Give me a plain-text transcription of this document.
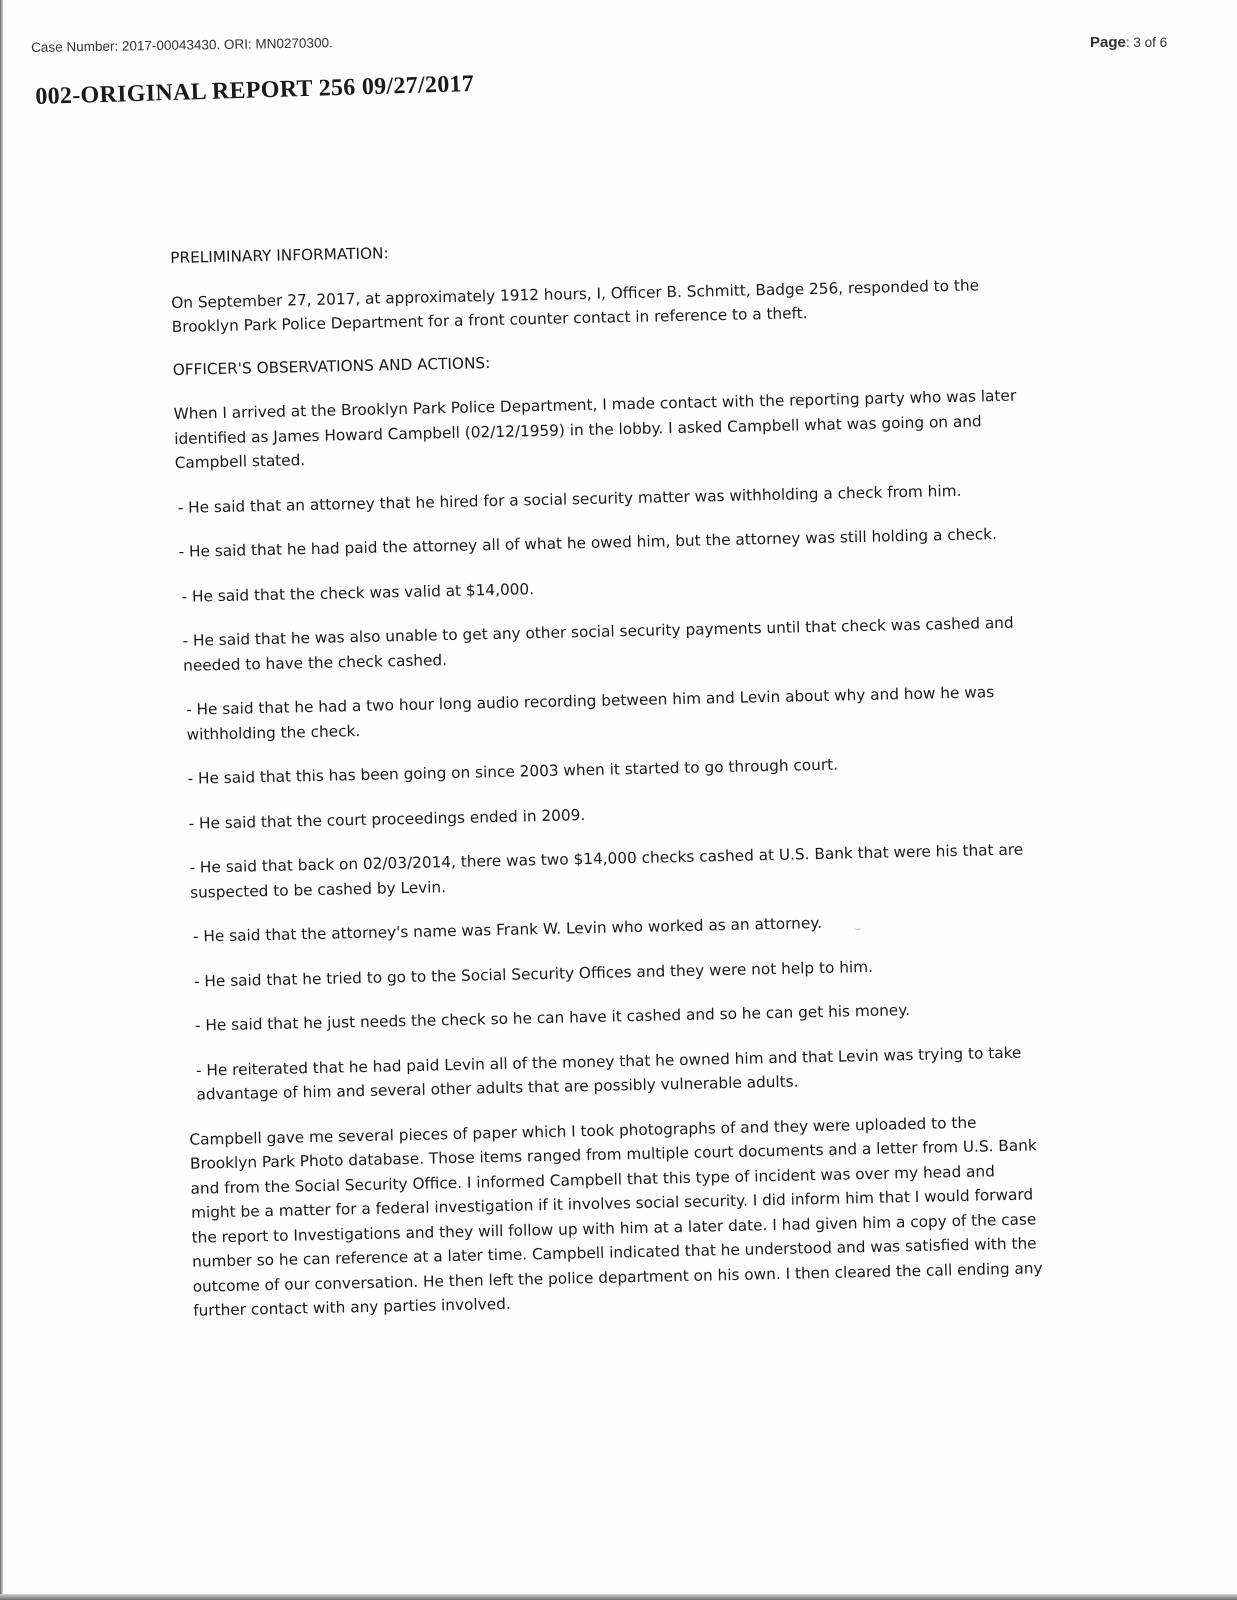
Case Number: 2017-00043430. ORI: MN0270300.	Page: 3 of 6
002-ORIGINAL REPORT 256 09/27/2017

PRELIMINARY INFORMATION:

On September 27, 2017, at approximately 1912 hours, I, Officer B. Schmitt, Badge 256, responded to the Brooklyn Park Police Department for a front counter contact in reference to a theft.

OFFICER'S OBSERVATIONS AND ACTIONS:

When I arrived at the Brooklyn Park Police Department, I made contact with the reporting party who was later identified as James Howard Campbell (02/12/1959) in the lobby. I asked Campbell what was going on and Campbell stated.

- He said that an attorney that he hired for a social security matter was withholding a check from him.

- He said that he had paid the attorney all of what he owed him, but the attorney was still holding a check.

- He said that the check was valid at $14,000.

- He said that he was also unable to get any other social security payments until that check was cashed and needed to have the check cashed.

- He said that he had a two hour long audio recording between him and Levin about why and how he was withholding the check.

- He said that this has been going on since 2003 when it started to go through court.

- He said that the court proceedings ended in 2009.

- He said that back on 02/03/2014, there was two $14,000 checks cashed at U.S. Bank that were his that are suspected to be cashed by Levin.

- He said that the attorney's name was Frank W. Levin who worked as an attorney.

- He said that he tried to go to the Social Security Offices and they were not help to him.

- He said that he just needs the check so he can have it cashed and so he can get his money.

- He reiterated that he had paid Levin all of the money that he owned him and that Levin was trying to take advantage of him and several other adults that are possibly vulnerable adults.

Campbell gave me several pieces of paper which I took photographs of and they were uploaded to the Brooklyn Park Photo database. Those items ranged from multiple court documents and a letter from U.S. Bank and from the Social Security Office. I informed Campbell that this type of incident was over my head and might be a matter for a federal investigation if it involves social security. I did inform him that I would forward the report to Investigations and they will follow up with him at a later date. I had given him a copy of the case number so he can reference at a later time. Campbell indicated that he understood and was satisfied with the outcome of our conversation. He then left the police department on his own. I then cleared the call ending any further contact with any parties involved.
